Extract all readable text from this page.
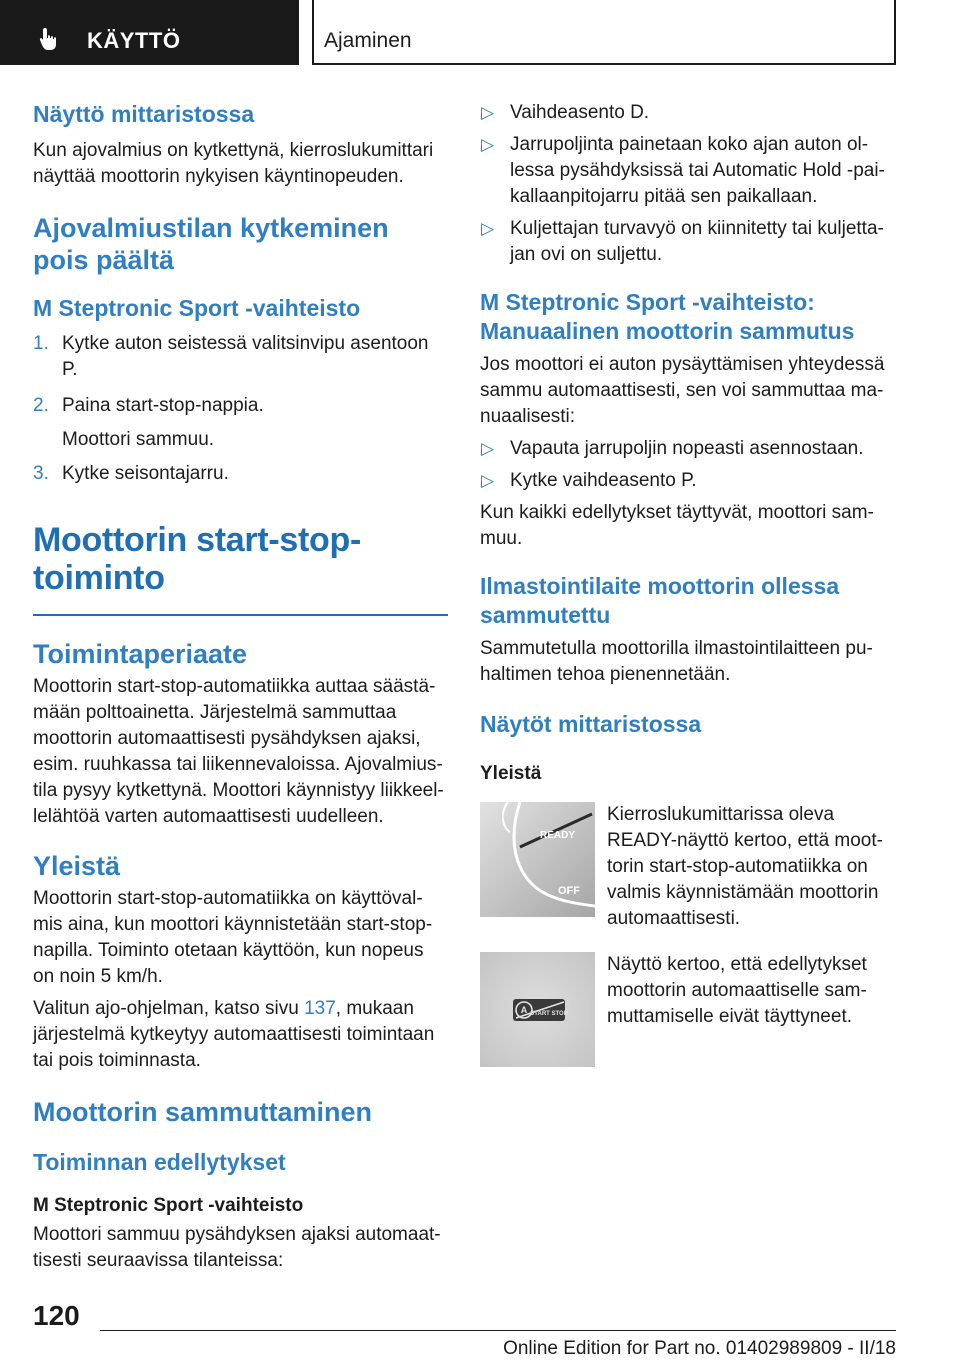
KÄYTTÖ	Ajaminen
Näyttö mittaristossa

Kun ajovalmius on kytkettynä, kierroslukumittari näyttää moottorin nykyisen käyntinopeuden.

Ajovalmiustilan kytkeminen pois päältä
M Steptronic Sport -vaihteisto
1. Kytke auton seistessä valitsinvipu asentoon P.
2. Paina start-stop-nappia.
Moottori sammuu.
3. Kytke seisontajarru.
Moottorin start-stop-toiminto
Toimintaperiaate

Moottorin start-stop-automatiikka auttaa säästä-mään polttoainetta. Järjestelmä sammuttaa moottorin automaattisesti pysähdyksen ajaksi, esim. ruuhkassa tai liikennevaloissa. Ajovalmius-tila pysyy kytkettynä. Moottori käynnistyy liikkeel-lelähtöä varten automaattisesti uudelleen.

Yleistä

Moottorin start-stop-automatiikka on käyttöval-mis aina, kun moottori käynnistetään start-stop-napilla. Toiminto otetaan käyttöön, kun nopeus on noin 5 km/h.

Valitun ajo-ohjelman, katso sivu 137, mukaan järjestelmä kytkeytyy automaattisesti toimintaan tai pois toiminnasta.

Moottorin sammuttaminen
Toiminnan edellytykset
M Steptronic Sport -vaihteisto

Moottori sammuu pysähdyksen ajaksi automaat-tisesti seuraavissa tilanteissa:

▷ Vaihdeasento D.
▷ Jarrupoljinta painetaan koko ajan auton ol-lessa pysähdyksissä tai Automatic Hold -pai-kallaanpitojarru pitää sen paikallaan.
▷ Kuljettajan turvavyö on kiinnitetty tai kuljetta-jan ovi on suljettu.
M Steptronic Sport -vaihteisto: Manuaalinen moottorin sammutus

Jos moottori ei auton pysäyttämisen yhteydessä sammu automaattisesti, sen voi sammuttaa ma-nuaalisesti:

▷ Vapauta jarrupoljin nopeasti asennostaan.
▷ Kytke vaihdeasento P.

Kun kaikki edellytykset täyttyvät, moottori sam-muu.

Ilmastointilaite moottorin ollessa sammutettu

Sammutetulla moottorilla ilmastointilaitteen pu-haltimen tehoa pienennetään.

Näytöt mittaristossa
Yleistä
READY
OFF

Kierroslukumittarissa oleva READY-näyttö kertoo, että moot-torin start-stop-automatiikka on valmis käynnistämään moottorin automaattisesti.

A START STOP

Näyttö kertoo, että edellytykset moottorin automaattiselle sam-muttamiselle eivät täyttyneet.

120
Online Edition for Part no. 01402989809 - II/18
